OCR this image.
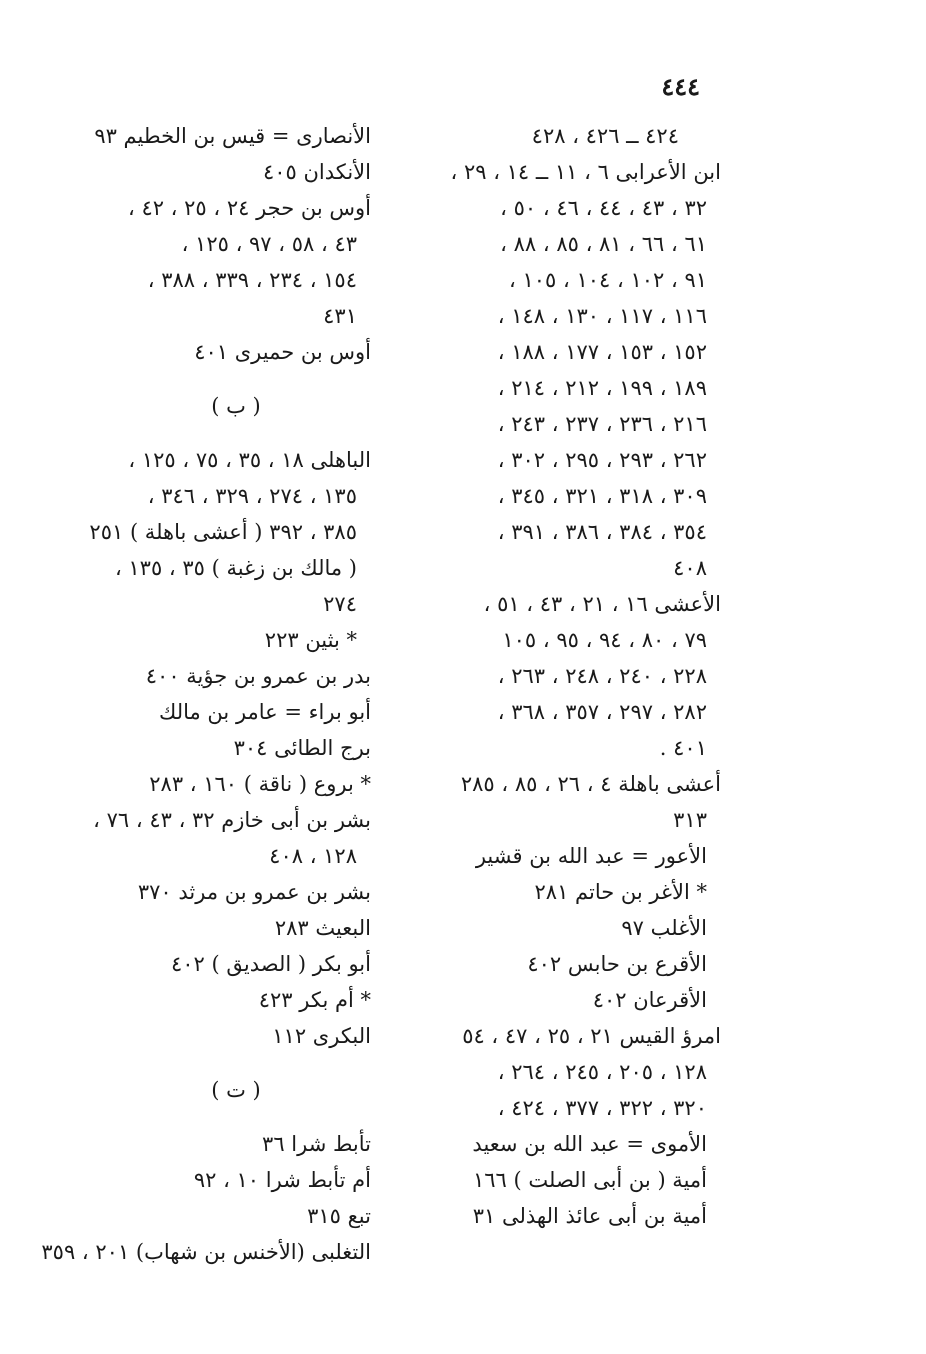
٤٤٤
٤٢٤ ــ ٤٢٦ ، ٤٢٨
ابن الأعرابى ٦ ، ١١ ــ ١٤ ، ٢٩ ،
٣٢ ، ٤٣ ، ٤٤ ، ٤٦ ، ٥٠ ،
٦١ ، ٦٦ ، ٨١ ، ٨٥ ، ٨٨ ،
٩١ ، ١٠٢ ، ١٠٤ ، ١٠٥ ،
١١٦ ، ١١٧ ، ١٣٠ ، ١٤٨ ،
١٥٢ ، ١٥٣ ، ١٧٧ ، ١٨٨ ،
١٨٩ ، ١٩٩ ، ٢١٢ ، ٢١٤ ،
٢١٦ ، ٢٣٦ ، ٢٣٧ ، ٢٤٣ ،
٢٦٢ ، ٢٩٣ ، ٢٩٥ ، ٣٠٢ ،
٣٠٩ ، ٣١٨ ، ٣٢١ ، ٣٤٥ ،
٣٥٤ ، ٣٨٤ ، ٣٨٦ ، ٣٩١ ،
٤٠٨
الأعشى ١٦ ، ٢١ ، ٤٣ ، ٥١ ،
٧٩ ، ٨٠ ، ٩٤ ، ٩٥ ، ١٠٥
٢٢٨ ، ٢٤٠ ، ٢٤٨ ، ٢٦٣ ،
٢٨٢ ، ٢٩٧ ، ٣٥٧ ، ٣٦٨ ،
٤٠١ .
أعشى باهلة ٤ ، ٢٦ ، ٨٥ ، ٢٨٥
٣١٣
الأعور = عبد الله بن قشير
* الأغر بن حاتم ٢٨١
الأغلب ٩٧
الأقرع بن حابس ٤٠٢
الأقرعان ٤٠٢
امرؤ القيس ٢١ ، ٢٥ ، ٤٧ ، ٥٤
١٢٨ ، ٢٠٥ ، ٢٤٥ ، ٢٦٤ ،
٣٢٠ ، ٣٢٢ ، ٣٧٧ ، ٤٢٤ ،
الأموى = عبد الله بن سعيد
أمية ( بن أبى الصلت ) ١٦٦
أمية بن أبى عائذ الهذلى ٣١
الأنصارى = قيس بن الخطيم ٩٣
الأنكدان ٤٠٥
أوس بن حجر ٢٤ ، ٢٥ ، ٤٢ ،
٤٣ ، ٥٨ ، ٩٧ ، ١٢٥ ،
١٥٤ ، ٢٣٤ ، ٣٣٩ ، ٣٨٨ ،
٤٣١
أوس بن حميرى ٤٠١
( ب )
الباهلى ١٨ ، ٣٥ ، ٧٥ ، ١٢٥ ،
١٣٥ ، ٢٧٤ ، ٣٢٩ ، ٣٤٦ ،
٣٨٥ ، ٣٩٢ ( أعشى باهلة ) ٢٥١
( مالك بن زغبة ) ٣٥ ، ١٣٥ ،
٢٧٤
* بثين ٢٢٣
بدر بن عمرو بن جؤية ٤٠٠
أبو براء = عامر بن مالك
برج الطائى ٣٠٤
* بروع ( ناقة ) ١٦٠ ، ٢٨٣
بشر بن أبى خازم ٣٢ ، ٤٣ ، ٧٦ ،
١٢٨ ، ٤٠٨
بشر بن عمرو بن مرثد ٣٧٠
البعيث ٢٨٣
أبو بكر ( الصديق ) ٤٠٢
* أم بكر ٤٢٣
البكرى ١١٢
( ت )
تأبط شرا ٣٦
أم تأبط شرا ١٠ ، ٩٢
تبع ٣١٥
التغلبى (الأخنس بن شهاب) ٢٠١ ، ٣٥٩
